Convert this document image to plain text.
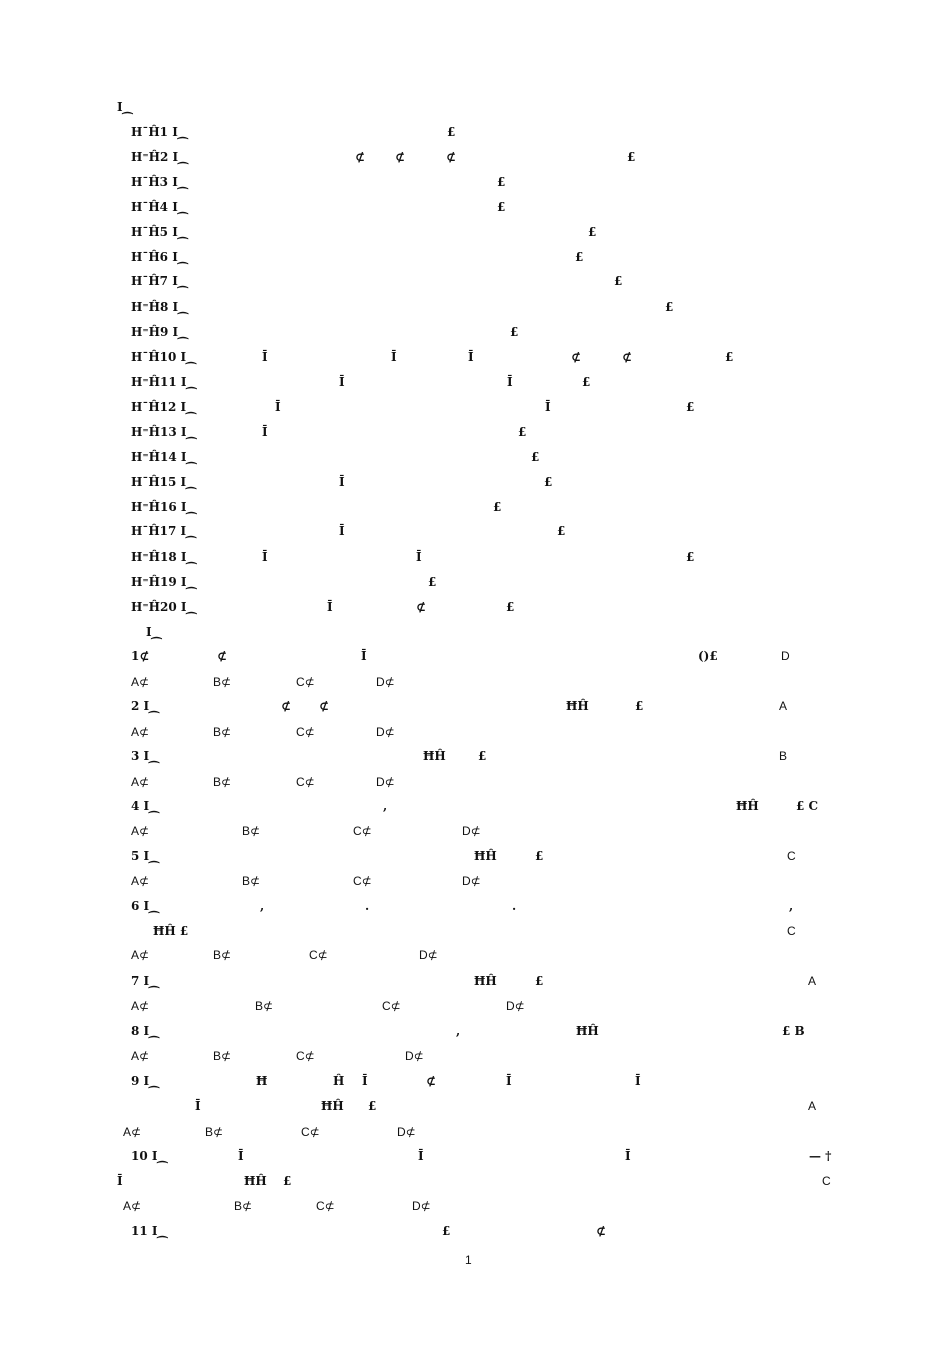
I⁔
H¯Ĥ1 I⁔	£
H⁼Ĥ2 I⁔	⊄ ⊄	⊄	£
H¯Ĥ3 I⁔	£
H¯Ĥ4 I⁔	£
H¯Ĥ5 I⁔	£
H¯Ĥ6 I⁔	£
H¯Ĥ7 I⁔	£
H⁼Ĥ8 I⁔	£
H⁼Ĥ9 I⁔	£
H¯Ĥ10 I⁔	Ī	Ī	Ī	⊄	⊄	£
H⁼Ĥ11 I⁔	Ī	Ī	£
H¯Ĥ12 I⁔	Ī	Ī	£
H⁼Ĥ13 I⁔	Ī	£
H⁼Ĥ14 I⁔	£
H¯Ĥ15 I⁔	Ī	£
H⁼Ĥ16 I⁔	£
H¯Ĥ17 I⁔	Ī	£
H⁼Ĥ18 I⁔	Ī	Ī	£
H⁼Ĥ19 I⁔	£
H⁼Ĥ20 I⁔	Ī	⊄	£
I⁔
1⊄	⊄	Ī	()£	D
A⊄	B⊄	C⊄	D⊄
2 I⁔	⊄ ⊄	ĦĤ	£	A
A⊄	B⊄	C⊄	D⊄
3 I⁔	ĦĤ	£	B
A⊄	B⊄	C⊄	D⊄
4 I⁔	,	ĦĤ	£ C
A⊄	B⊄	C⊄	D⊄
5 I⁔	ĦĤ	£	C
A⊄	B⊄	C⊄	D⊄
6 I⁔	,	.	.	,
ĦĤ £	C
A⊄	B⊄	C⊄	D⊄
7 I⁔	ĦĤ	£	A
A⊄	B⊄	C⊄	D⊄
8 I⁔	,	ĦĤ	£ B
A⊄	B⊄	C⊄	D⊄
9 I⁔	Ħ	Ĥ Ī	⊄	Ī	Ī
Ī	ĦĤ £	A
A⊄	B⊄	C⊄	D⊄
10 I⁔	Ī	Ī	Ī	— †
Ī	ĦĤ £	C
A⊄	B⊄	C⊄	D⊄
11 I⁔	£	⊄
1
